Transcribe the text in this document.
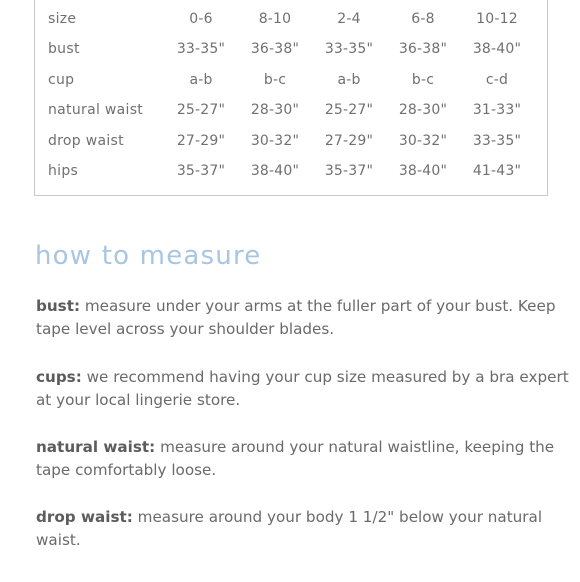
size	0-6	8-10	2-4	6-8	10-12
bust	33-35"	36-38"	33-35"	36-38"	38-40"
cup	a-b	b-c	a-b	b-c	c-d
natural waist	25-27"	28-30"	25-27"	28-30"	31-33"
drop waist	27-29"	30-32"	27-29"	30-32"	33-35"
hips	35-37"	38-40"	35-37"	38-40"	41-43"
how to measure

bust: measure under your arms at the fuller part of your bust. Keep tape level across your shoulder blades.

cups: we recommend having your cup size measured by a bra expert at your local lingerie store.

natural waist: measure around your natural waistline, keeping the tape comfortably loose.

drop waist: measure around your body 1 1/2" below your natural waist.
